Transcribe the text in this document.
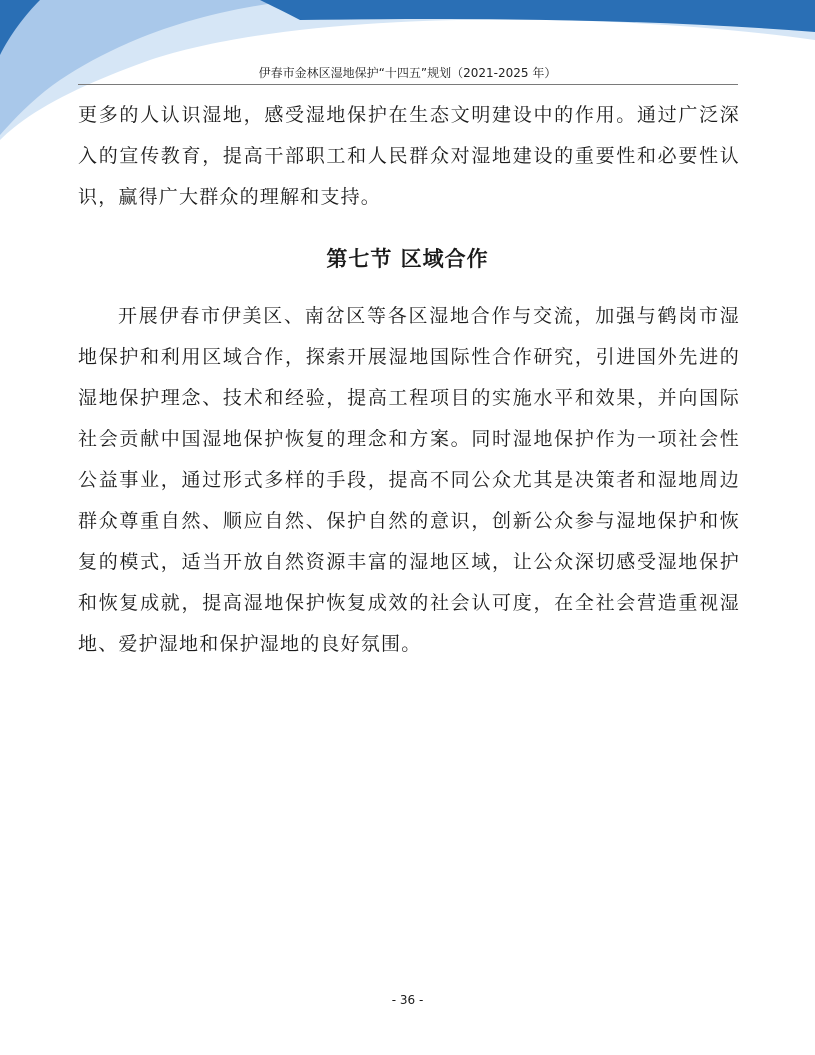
伊春市金林区湿地保护“十四五”规划（2021-2025 年）

更多的人认识湿地，感受湿地保护在生态文明建设中的作用。通过广泛深入的宣传教育，提高干部职工和人民群众对湿地建设的重要性和必要性认识，赢得广大群众的理解和支持。

第七节 区域合作

开展伊春市伊美区、南岔区等各区湿地合作与交流，加强与鹤岗市湿地保护和利用区域合作，探索开展湿地国际性合作研究，引进国外先进的湿地保护理念、技术和经验，提高工程项目的实施水平和效果，并向国际社会贡献中国湿地保护恢复的理念和方案。同时湿地保护作为一项社会性公益事业，通过形式多样的手段，提高不同公众尤其是决策者和湿地周边群众尊重自然、顺应自然、保护自然的意识，创新公众参与湿地保护和恢复的模式，适当开放自然资源丰富的湿地区域，让公众深切感受湿地保护和恢复成就，提高湿地保护恢复成效的社会认可度，在全社会营造重视湿地、爱护湿地和保护湿地的良好氛围。

- 36 -
